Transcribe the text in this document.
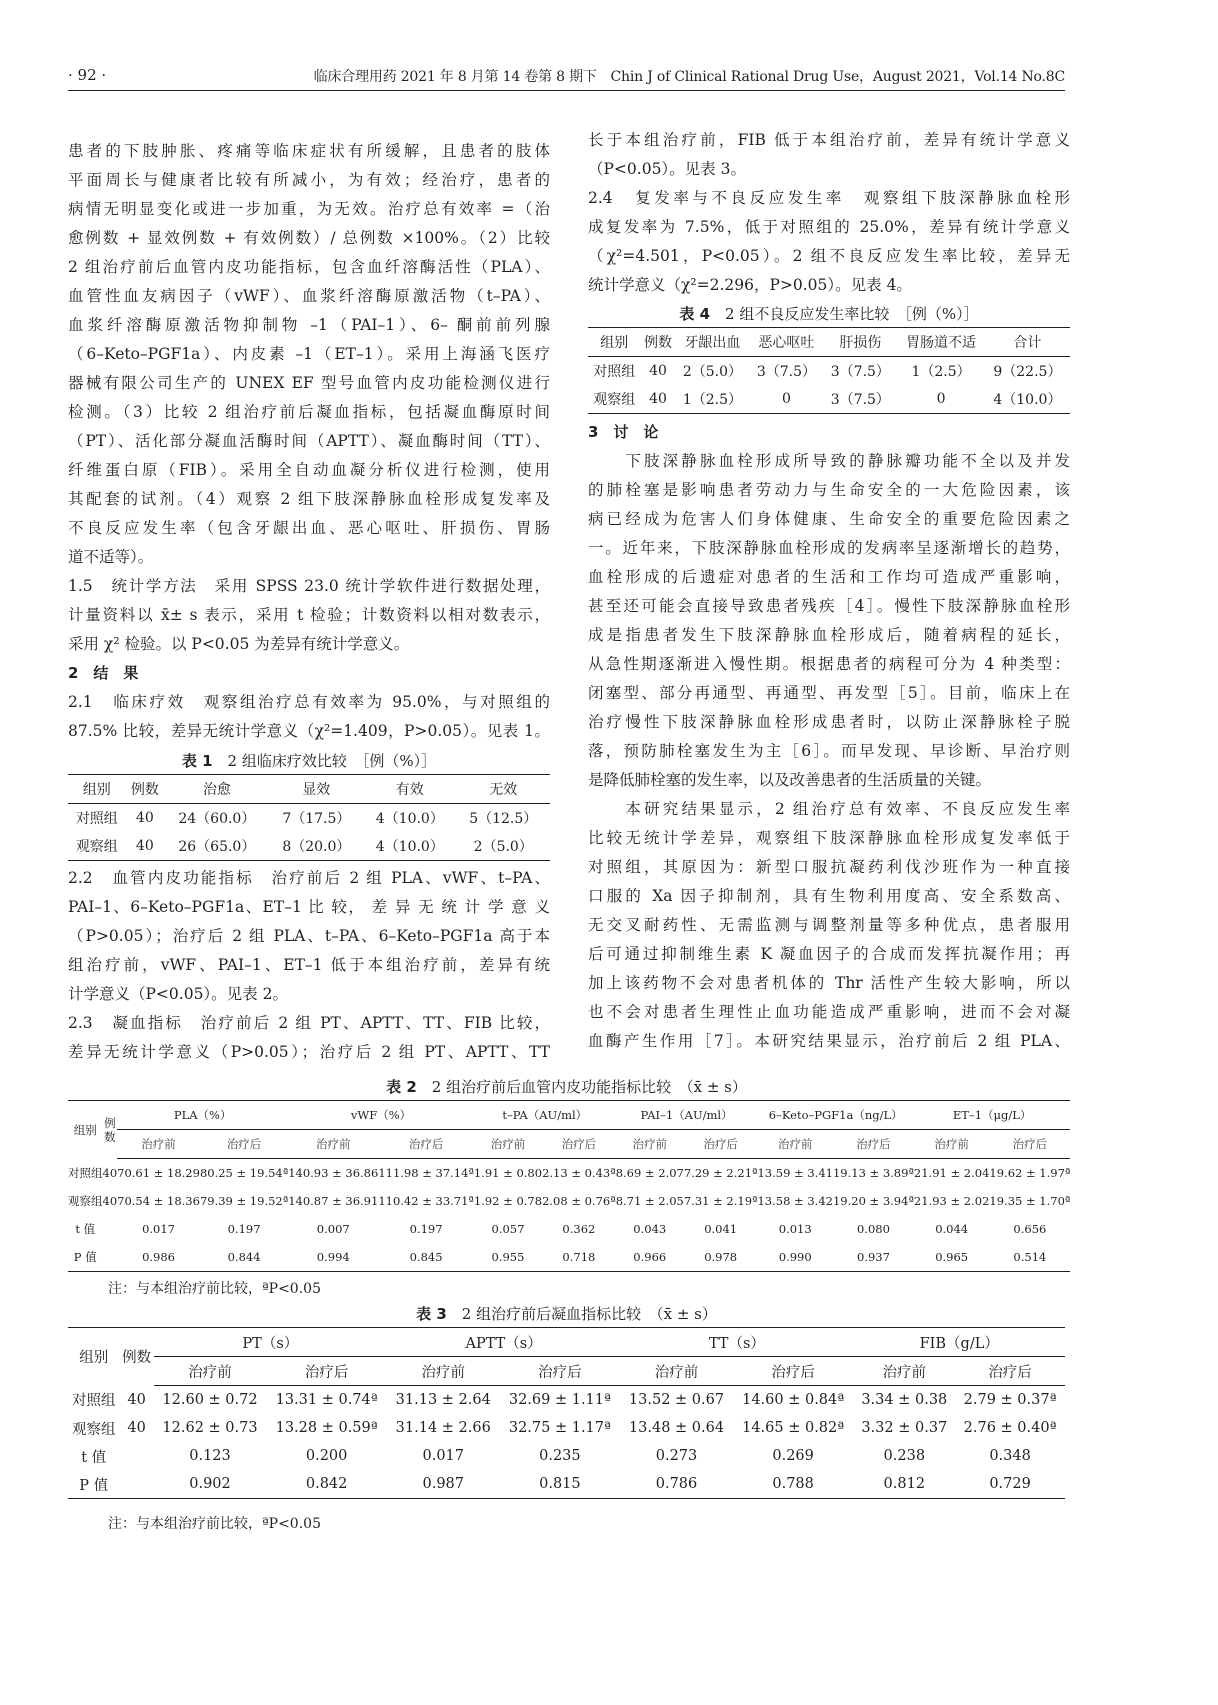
· 92 ·	临床合理用药 2021 年 8 月第 14 卷第 8 期下　Chin J of Clinical Rational Drug Use，August 2021，Vol.14 No.8C
患者的下肢肿胀、疼痛等临床症状有所缓解，且患者的肢体
平面周长与健康者比较有所减小，为有效；经治疗，患者的
病情无明显变化或进一步加重，为无效。治疗总有效率 =（治
愈例数 + 显效例数 + 有效例数）/ 总例数 ×100%。（2）比较
2 组治疗前后血管内皮功能指标，包含血纤溶酶活性（PLA）、
血管性血友病因子（vWF）、血浆纤溶酶原激活物（t–PA）、
血浆纤溶酶原激活物抑制物 –1（PAI–1）、6– 酮前前列腺
（6–Keto–PGF1a）、内皮素 –1（ET–1）。采用上海涵飞医疗
器械有限公司生产的 UNEX EF 型号血管内皮功能检测仪进行
检测。（3）比较 2 组治疗前后凝血指标，包括凝血酶原时间
（PT）、活化部分凝血活酶时间（APTT）、凝血酶时间（TT）、
纤维蛋白原（FIB）。采用全自动血凝分析仪进行检测，使用
其配套的试剂。（4）观察 2 组下肢深静脉血栓形成复发率及
不良反应发生率（包含牙龈出血、恶心呕吐、肝损伤、胃肠
道不适等）。
1.5　统计学方法　采用 SPSS 23.0 统计学软件进行数据处理，
计量资料以 x̄± s 表示，采用 t 检验；计数资料以相对数表示，
采用 χ² 检验。以 P<0.05 为差异有统计学意义。
2　结　果
2.1　临床疗效　观察组治疗总有效率为 95.0%，与对照组的
87.5% 比较，差异无统计学意义（χ²=1.409，P>0.05）。见表 1。
表 1　 2 组临床疗效比较　［例（%）］
组别	例数	治愈	显效	有效	无效
对照组	40	24（60.0）	7（17.5）	4（10.0）	5（12.5）
观察组	40	26（65.0）	8（20.0）	4（10.0）	2（5.0）
2.2　血管内皮功能指标　治疗前后 2 组 PLA、vWF、t–PA、
PAI–1、6–Keto–PGF1a、ET–1 比 较， 差 异 无 统 计 学 意 义
（P>0.05）；治疗后 2 组 PLA、t–PA、6–Keto–PGF1a 高于本
组治疗前，vWF、PAI–1、ET–1 低于本组治疗前，差异有统
计学意义（P<0.05）。见表 2。
2.3　凝血指标　治疗前后 2 组 PT、APTT、TT、FIB 比较，
差异无统计学意义（P>0.05）；治疗后 2 组 PT、APTT、TT
长于本组治疗前，FIB 低于本组治疗前，差异有统计学意义
（P<0.05）。见表 3。
2.4　复发率与不良反应发生率　观察组下肢深静脉血栓形
成复发率为 7.5%，低于对照组的 25.0%，差异有统计学意义
（χ²=4.501，P<0.05）。2 组不良反应发生率比较，差异无
统计学意义（χ²=2.296，P>0.05）。见表 4。
表 4　 2 组不良反应发生率比较　［例（%）］
组别	例数	牙龈出血	恶心呕吐	肝损伤	胃肠道不适	合计
对照组	40	2（5.0）	3（7.5）	3（7.5）	1（2.5）	9（22.5）
观察组	40	1（2.5）	0	3（7.5）	0	4（10.0）
3　讨　论
　　下肢深静脉血栓形成所导致的静脉瓣功能不全以及并发
的肺栓塞是影响患者劳动力与生命安全的一大危险因素，该
病已经成为危害人们身体健康、生命安全的重要危险因素之
一。近年来，下肢深静脉血栓形成的发病率呈逐渐增长的趋势，
血栓形成的后遗症对患者的生活和工作均可造成严重影响，
甚至还可能会直接导致患者残疾［4］。慢性下肢深静脉血栓形
成是指患者发生下肢深静脉血栓形成后，随着病程的延长，
从急性期逐渐进入慢性期。根据患者的病程可分为 4 种类型：
闭塞型、部分再通型、再通型、再发型［5］。目前，临床上在
治疗慢性下肢深静脉血栓形成患者时，以防止深静脉栓子脱
落，预防肺栓塞发生为主［6］。而早发现、早诊断、早治疗则
是降低肺栓塞的发生率，以及改善患者的生活质量的关键。
　　本研究结果显示，2 组治疗总有效率、不良反应发生率
比较无统计学差异，观察组下肢深静脉血栓形成复发率低于
对照组，其原因为：新型口服抗凝药利伐沙班作为一种直接
口服的 Xa 因子抑制剂，具有生物利用度高、安全系数高、
无交叉耐药性、无需监测与调整剂量等多种优点，患者服用
后可通过抑制维生素 K 凝血因子的合成而发挥抗凝作用；再
加上该药物不会对患者机体的 Thr 活性产生较大影响，所以
也不会对患者生理性止血功能造成严重影响，进而不会对凝
血酶产生作用［7］。本研究结果显示，治疗前后 2 组 PLA、
表 2　 2 组治疗前后血管内皮功能指标比较　（x̄ ± s）
组别	例数	PLA（%）		vWF（%）		t–PA（AU/ml）		PAI–1（AU/ml）		6–Keto–PGF1a（ng/L）		ET–1（μg/L）	
		治疗前	治疗后	治疗前	治疗后	治疗前	治疗后	治疗前	治疗后	治疗前	治疗后	治疗前	治疗后
对照组	40	70.61 ± 18.29	80.25 ± 19.54ª	140.93 ± 36.86	111.98 ± 37.14ª	1.91 ± 0.80	2.13 ± 0.43ª	8.69 ± 2.07	7.29 ± 2.21ª	13.59 ± 3.41	19.13 ± 3.89ª	21.91 ± 2.04	19.62 ± 1.97ª
观察组	40	70.54 ± 18.36	79.39 ± 19.52ª	140.87 ± 36.91	110.42 ± 33.71ª	1.92 ± 0.78	2.08 ± 0.76ª	8.71 ± 2.05	7.31 ± 2.19ª	13.58 ± 3.42	19.20 ± 3.94ª	21.93 ± 2.02	19.35 ± 1.70ª
t 值		0.017	0.197	0.007	0.197	0.057	0.362	0.043	0.041	0.013	0.080	0.044	0.656
P 值		0.986	0.844	0.994	0.845	0.955	0.718	0.966	0.978	0.990	0.937	0.965	0.514
注：与本组治疗前比较，ªP<0.05
表 3　 2 组治疗前后凝血指标比较　（x̄ ± s）
组别	例数	PT（s）		APTT（s）		TT（s）		FIB（g/L）	
		治疗前	治疗后	治疗前	治疗后	治疗前	治疗后	治疗前	治疗后
对照组	40	12.60 ± 0.72	13.31 ± 0.74ª	31.13 ± 2.64	32.69 ± 1.11ª	13.52 ± 0.67	14.60 ± 0.84ª	3.34 ± 0.38	2.79 ± 0.37ª
观察组	40	12.62 ± 0.73	13.28 ± 0.59ª	31.14 ± 2.66	32.75 ± 1.17ª	13.48 ± 0.64	14.65 ± 0.82ª	3.32 ± 0.37	2.76 ± 0.40ª
t 值		0.123	0.200	0.017	0.235	0.273	0.269	0.238	0.348
P 值		0.902	0.842	0.987	0.815	0.786	0.788	0.812	0.729
注：与本组治疗前比较，ªP<0.05
